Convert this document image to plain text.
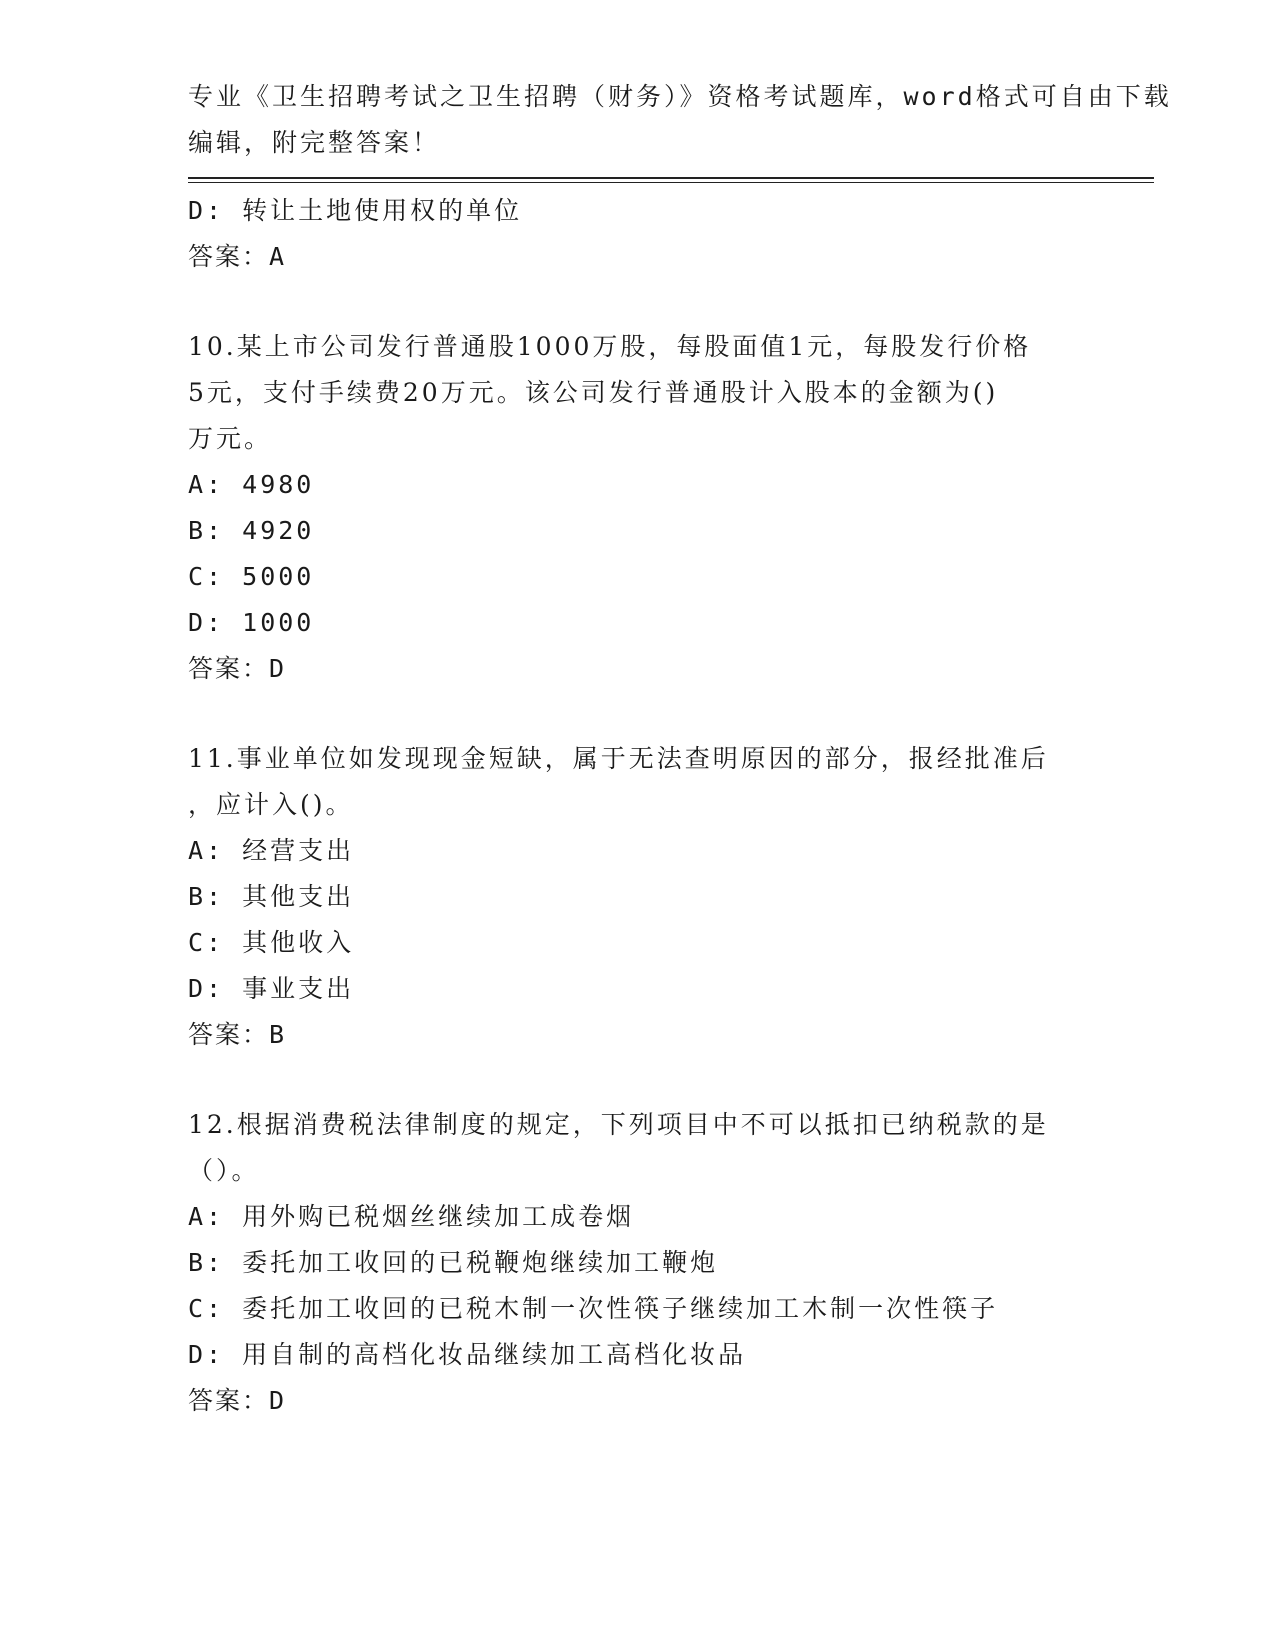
专业《卫生招聘考试之卫生招聘（财务）》资格考试题库，word格式可自由下载
编辑，附完整答案！
D: 转让土地使用权的单位
答案：A
10.某上市公司发行普通股1000万股，每股面值1元，每股发行价格
5元，支付手续费20万元。该公司发行普通股计入股本的金额为()
万元。
A: 4980
B: 4920
C: 5000
D: 1000
答案：D
11.事业单位如发现现金短缺，属于无法查明原因的部分，报经批准后
，应计入()。
A: 经营支出
B: 其他支出
C: 其他收入
D: 事业支出
答案：B
12.根据消费税法律制度的规定，下列项目中不可以抵扣已纳税款的是
（）。
A: 用外购已税烟丝继续加工成卷烟
B: 委托加工收回的已税鞭炮继续加工鞭炮
C: 委托加工收回的已税木制一次性筷子继续加工木制一次性筷子
D: 用自制的高档化妆品继续加工高档化妆品
答案：D
